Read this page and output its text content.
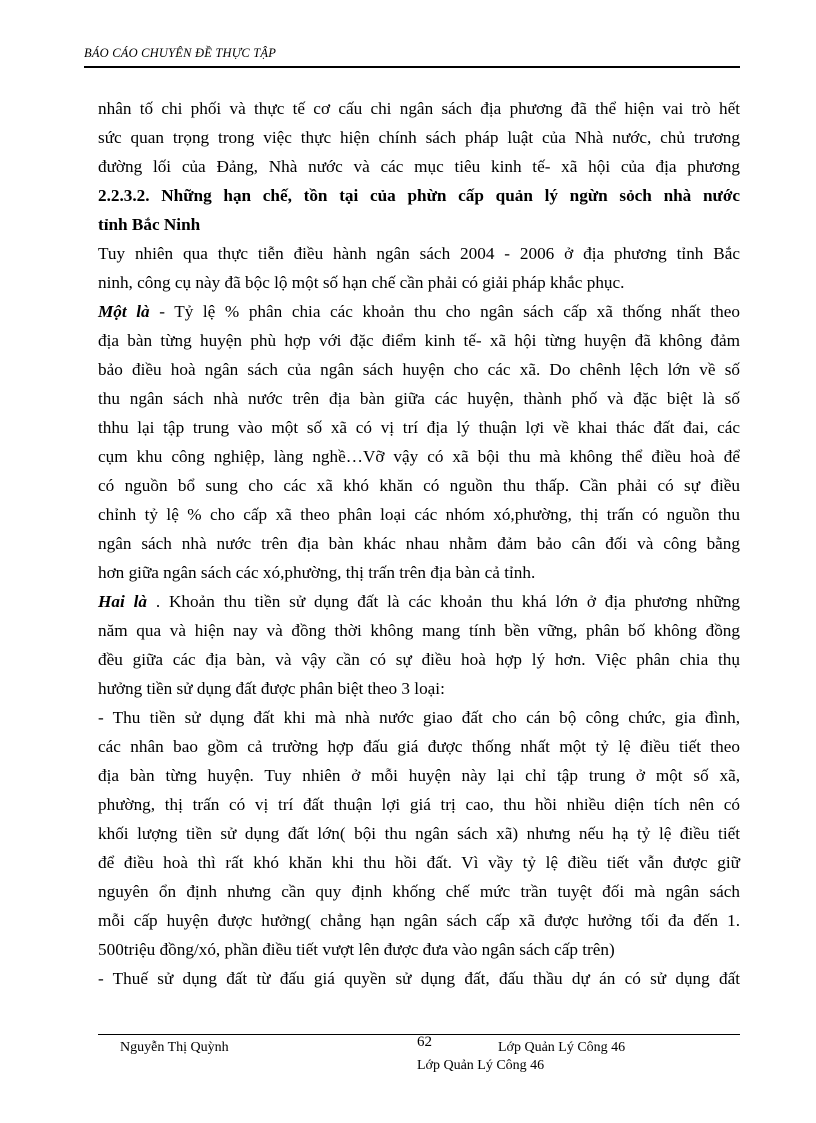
BÁO CÁO CHUYÊN ĐỀ THỰC TẬP
nhân tố chi phối và thực tế cơ cấu chi ngân sách địa phương đã thể hiện vai trò hết
sức quan trọng trong việc thực hiện chính sách pháp luật của Nhà nước, chủ trương
đường lối của Đảng, Nhà nước và các mục tiêu kinh tế- xã hội của địa phương
2.2.3.2. Những hạn chế, tồn tại của phừn cấp quản lý ngừn sỏch nhà nước
tỉnh Bắc Ninh
Tuy nhiên qua thực tiễn điều hành ngân sách 2004 - 2006 ở địa phương tỉnh Bắc
ninh, công cụ này đã bộc lộ một số hạn chế cần phải có giải pháp khắc phục.
Một là - Tỷ lệ % phân chia các khoản thu cho ngân sách cấp xã thống nhất theo
địa bàn từng huyện phù hợp với đặc điểm kinh tế- xã hội từng huyện đã không đảm
bảo điều hoà ngân sách của ngân sách huyện cho các xã. Do chênh lệch lớn về số
thu ngân sách nhà nước trên địa bàn giữa các huyện, thành phố và đặc biệt là số
thhu lại tập trung vào một số xã có vị trí địa lý thuận lợi về khai thác đất đai, các
cụm khu công nghiệp, làng nghề…Vỡ vậy có xã bội thu mà không thể điều hoà để
có nguồn bổ sung cho các xã khó khăn có nguồn thu thấp. Cần phải có sự điều
chỉnh tỷ lệ % cho cấp xã theo phân loại các nhóm xó,phường, thị trấn có nguồn thu
ngân sách nhà nước trên địa bàn khác nhau nhằm đảm bảo cân đối và công bằng
hơn giữa ngân sách các xó,phường, thị trấn trên địa bàn cả tỉnh.
Hai là . Khoản thu tiền sử dụng đất là các khoản thu khá lớn ở địa phương những
năm qua và hiện nay và đồng thời không mang tính bền vững, phân bố không đồng
đều giữa các địa bàn, và vậy cần có sự điều hoà hợp lý hơn. Việc phân chia thụ
hưởng tiền sử dụng đất được phân biệt theo 3 loại:
- Thu tiền sử dụng đất khi mà nhà nước giao đất cho cán bộ công chức, gia đình,
các nhân bao gồm cả trường hợp đấu giá được thống nhất một tỷ lệ điều tiết theo
địa bàn từng huyện. Tuy nhiên ở mỗi huyện này lại chỉ tập trung ở một số xã,
phường, thị trấn có vị trí đất thuận lợi giá trị cao, thu hồi nhiều diện tích nên có
khối lượng tiền sử dụng đất lớn( bội thu ngân sách xã) nhưng nếu hạ tỷ lệ điều tiết
để điều hoà thì rất khó khăn khi thu hồi đất. Vì vầy tỷ lệ điều tiết vẫn được giữ
nguyên ổn định nhưng cần quy định khống chế mức trần tuyệt đối mà ngân sách
mỗi cấp huyện được hưởng( chẳng hạn ngân sách cấp xã được hưởng tối đa đến 1.
500triệu đồng/xó, phần điều tiết vượt lên được đưa vào ngân sách cấp trên)
- Thuế sử dụng đất từ đấu giá quyền sử dụng đất, đấu thầu dự án có sử dụng đất
Nguyễn Thị Quỳnh	62	Lớp Quản Lý Công 46
Lớp Quản Lý Công 46
